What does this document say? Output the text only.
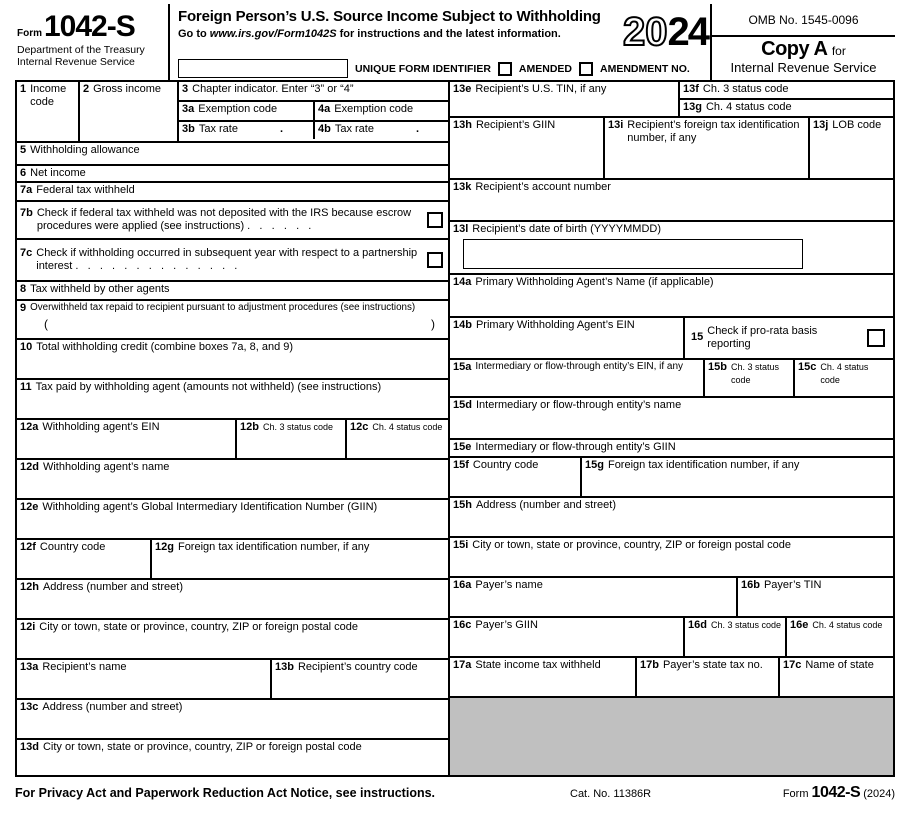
Form1042-S
Department of the Treasury
Internal Revenue Service
Foreign Person’s U.S. Source Income Subject to Withholding
Go to www.irs.gov/Form1042S for instructions and the latest information.
UNIQUE FORM IDENTIFIER	AMENDED	AMENDMENT NO.
2024	OMB No. 1545-0096
Copy A for
Internal Revenue Service
1 Income code
2 Gross income 3 Chapter indicator. Enter “3” or “4”
3a Exemption code	4a Exemption code
3b Tax rate	.	4b Tax rate	.
5 Withholding allowance
6 Net income
7a Federal tax withheld
7b Check if federal tax withheld was not deposited with the IRS because escrow procedures were applied (see instructions) .   .   .   .   .   .
7c Check if withholding occurred in subsequent year with respect to a partnership interest .   .   .   .   .   .   .   .   .   .   .   .   .   .
8 Tax withheld by other agents
9 Overwithheld tax repaid to recipient pursuant to adjustment procedures (see instructions)
(	)
10 Total withholding credit (combine boxes 7a, 8, and 9)
11 Tax paid by withholding agent (amounts not withheld) (see instructions)
12a Withholding agent’s EIN	12b Ch. 3 status code 12c Ch. 4 status code
12d Withholding agent’s name
12e Withholding agent’s Global Intermediary Identification Number (GIIN)
12f Country code	12g Foreign tax identification number, if any
12h Address (number and street)
12i City or town, state or province, country, ZIP or foreign postal code
13a Recipient’s name	13b Recipient’s country code
13c Address (number and street)
13d City or town, state or province, country, ZIP or foreign postal code
13e Recipient’s U.S. TIN, if any	13f Ch. 3 status code
13g Ch. 4 status code
13h Recipient’s GIIN	13i Recipient’s foreign tax identification number, if any
13j LOB code
13k Recipient’s account number
13l Recipient’s date of birth (YYYYMMDD)
14a Primary Withholding Agent’s Name (if applicable)
14b Primary Withholding Agent’s EIN
15
Check if pro-rata basis reporting
15a Intermediary or flow-through entity’s EIN, if any 15b Ch. 3 status code
15c Ch. 4 status code
15d Intermediary or flow-through entity’s name
15e Intermediary or flow-through entity’s GIIN
15f Country code	15g Foreign tax identification number, if any
15h Address (number and street)
15i City or town, state or province, country, ZIP or foreign postal code
16a Payer’s name	16b Payer’s TIN
16c Payer’s GIIN	16d Ch. 3 status code 16e Ch. 4 status code
17a State income tax withheld	17b Payer’s state tax no. 17c Name of state
For Privacy Act and Paperwork Reduction Act Notice, see instructions.	Cat. No. 11386R	Form 1042-S (2024)
